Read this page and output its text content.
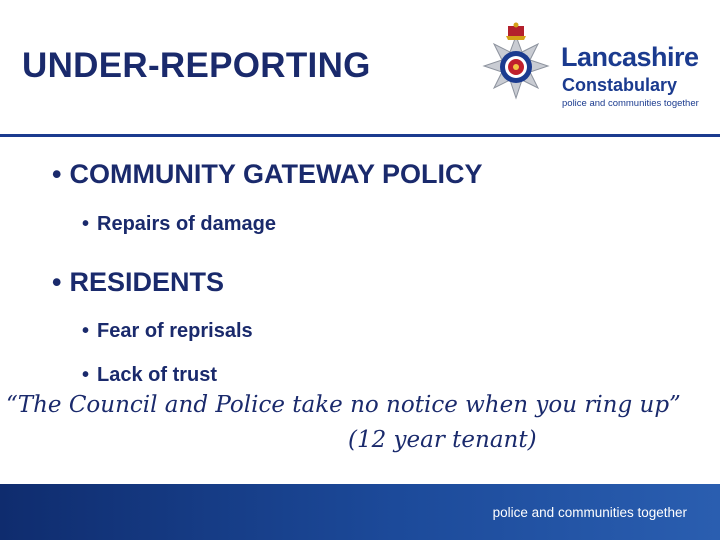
UNDER-REPORTING	Lancashire
Constabulary
police and communities together
• COMMUNITY GATEWAY POLICY
• Repairs of damage
• RESIDENTS
• Fear of reprisals
• Lack of trust
“The Council and Police take no notice when you ring up”
(12 year tenant)
police and communities together
